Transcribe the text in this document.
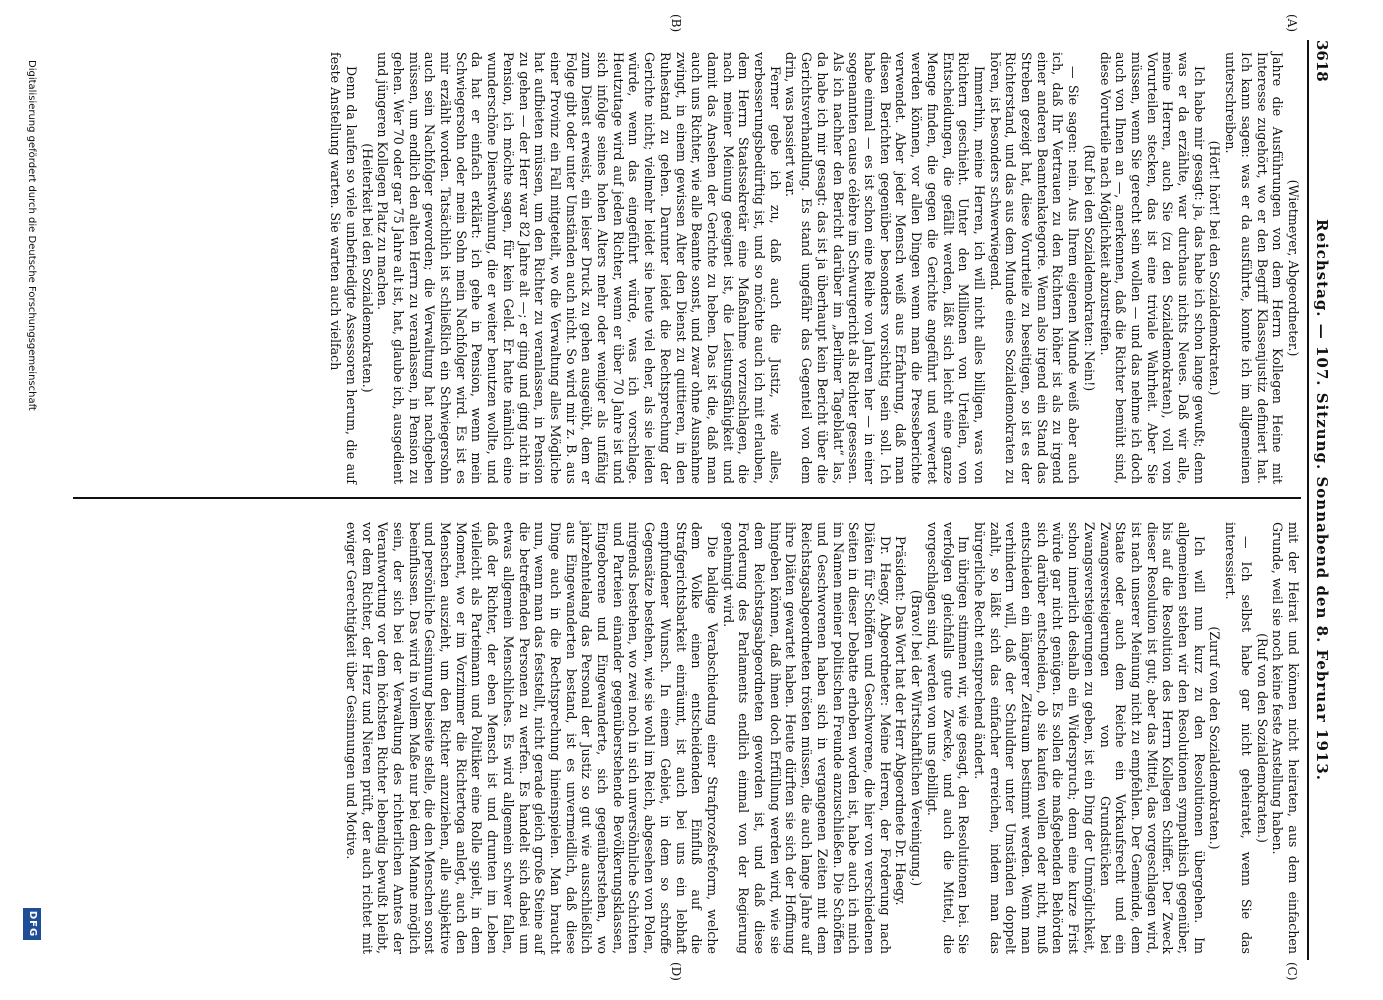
3618
Reichstag. — 107. Sitzung. Sonnabend den 8. Februar 1913.
(A)
(B)
(C)
(D)

(Wietmeyer, Abgeordneter.)

Jahre die Ausführungen von dem Herrn Kollegen Heine mit Interesse zugehört, wo er den Begriff Klassenjustiz definiert hat. Ich kann sagen: was er da ausführte, konnte ich im allgemeinen unterschreiben.

(Hört! hört! bei den Sozialdemokraten.)

Ich habe mir gesagt: ja, das habe ich schon lange gewußt; denn was er da erzählte, war durchaus nichts Neues. Daß wir alle, meine Herren, auch Sie (zu den Sozialdemokraten), voll von Vorurteilen stecken, das ist eine triviale Wahrheit. Aber Sie müssen, wenn Sie gerecht sein wollen — und das nehme ich doch auch von Ihnen an —, anerkennen, daß die Richter bemüht sind, diese Vorurteile nach Möglichkeit abzustreifen.

(Ruf bei den Sozialdemokraten: Nein!)

— Sie sagen: nein. Aus Ihrem eigenen Munde weiß aber auch ich, daß Ihr Vertrauen zu den Richtern höher ist als zu irgend einer anderen Beamtenkategorie. Wenn also irgend ein Stand das Streben gezeigt hat, diese Vorurteile zu beseitigen, so ist es der Richterstand, und das aus dem Munde eines Sozialdemokraten zu hören, ist besonders schwerwiegend.

Immerhin, meine Herren, ich will nicht alles billigen, was von Richtern geschieht. Unter den Millionen von Urteilen, von Entscheidungen, die gefällt werden, läßt sich leicht eine ganze Menge finden, die gegen die Gerichte angeführt und verwertet werden können, vor allen Dingen wenn man die Presseberichte verwendet. Aber jeder Mensch weiß aus Erfahrung, daß man diesen Berichten gegenüber besonders vorsichtig sein soll. Ich habe einmal — es ist schon eine Reihe von Jahren her — in einer sogenannten cause célèbre im Schwurgericht als Richter gesessen. Als ich nachher den Bericht darüber im „Berliner Tageblatt“ las, da habe ich mir gesagt: das ist ja überhaupt kein Bericht über die Gerichtsverhandlung. Es stand ungefähr das Gegenteil von dem drin, was passiert war.

Ferner gebe ich zu, daß auch die Justiz, wie alles, verbesserungsbedürftig ist, und so möchte auch ich mit erlauben, dem Herrn Staatssekretär eine Maßnahme vorzuschlagen, die nach meiner Meinung geeignet ist, die Leistungsfähigkeit und damit das Ansehen der Gerichte zu heben. Das ist die, daß man auch uns Richter, wie alle Beamte sonst, und zwar ohne Ausnahme zwingt, in einem gewissen Alter den Dienst zu quittieren, in den Ruhestand zu gehen. Darunter leidet die Rechtsprechung der Gerichte nicht; vielmehr leidet sie heute viel eher, als sie leiden würde, wenn das eingeführt würde, was ich vorschlage. Heutzutage wird auf jeden Richter, wenn er über 70 Jahre ist und sich infolge seines hohen Alters mehr oder weniger als unfähig zum Dienst erweist, ein leiser Druck zu gehen ausgeübt, dem er Folge gibt oder unter Umständen auch nicht. So wird mir z. B. aus einer Provinz ein Fall mitgeteilt, wo die Verwaltung alles Mögliche hat aufbieten müssen, um den Richter zu veranlassen, in Pension zu gehen — der Herr war 82 Jahre alt —; er ging und ging nicht in Pension, ich möchte sagen, für kein Geld. Er hatte nämlich eine wunderschöne Dienstwohnung, die er weiter benutzen wollte, und da hat er einfach erklärt: ich gehe in Pension, wenn mein Schwiegersohn oder mein Sohn mein Nachfolger wird. Es ist es mir erzählt worden. Tatsächlich ist schließlich ein Schwiegersohn auch sein Nachfolger geworden; die Verwaltung hat nachgeben müssen, um endlich den alten Herrn zu veranlassen, in Pension zu gehen. Wer 70 oder gar 75 Jahre alt ist, hat, glaube ich, ausgedient und jüngeren Kollegen Platz zu machen.

(Heiterkeit bei den Sozialdemokraten.)

Denn da laufen so viele unbefriedigte Assessoren herum, die auf feste Anstellung warten. Sie warten auch vielfach

mit der Heirat und können nicht heiraten, aus dem einfachen Grunde, weil sie noch keine feste Anstellung haben.

(Ruf von den Sozialdemokraten.)

— Ich selbst habe gar nicht geheiratet, wenn Sie das interessiert.

(Zuruf von den Sozialdemokraten.)

Ich will nun kurz zu den Resolutionen übergehen. Im allgemeinen stehen wir den Resolutionen sympathisch gegenüber, bis auf die Resolution des Herrn Kollegen Schiffer. Der Zweck dieser Resolution ist gut; aber das Mittel, das vorgeschlagen wird, ist nach unserer Meinung nicht zu empfehlen. Der Gemeinde, dem Staate oder auch dem Reiche ein Vorkaufsrecht und ein Zwangsversteigerungen von Grundstücken bei Zwangsversteigerungen zu geben, ist ein Ding der Unmöglichkeit, schon innerlich deshalb ein Widerspruch; denn eine kurze Frist würde gar nicht genügen. Es sollen die maßgebenden Behörden sich darüber entscheiden, ob sie kaufen wollen oder nicht, muß entschieden ein längerer Zeitraum bestimmt werden. Wenn man verhindern will, daß der Schuldner unter Umständen doppelt zahlt, so läßt sich das einfacher erreichen, indem man das bürgerliche Recht entsprechend ändert.

Im übrigen stimmen wir, wie gesagt, den Resolutionen bei. Sie verfolgen gleichfalls gute Zwecke, und auch die Mittel, die vorgeschlagen sind, werden von uns gebilligt.

(Bravo! bei der Wirtschaftlichen Vereinigung.)

Präsident: Das Wort hat der Herr Abgeordnete Dr. Haegy.

Dr. Haegy, Abgeordneter: Meine Herren, der Forderung nach Diäten für Schöffen und Geschworene, die hier von verschiedenen Seiten in dieser Debatte erhoben worden ist, habe auch ich mich im Namen meiner politischen Freunde anzuschließen. Die Schöffen und Geschworenen haben sich in vergangenen Zeiten mit dem Reichstagsabgeordneten trösten müssen, die auch lange Jahre auf ihre Diäten gewartet haben. Heute dürften sie sich der Hoffnung hingeben können, daß ihnen doch Erfüllung werden wird, wie sie dem Reichstagsabgeordneten geworden ist, und daß diese Forderung des Parlaments endlich einmal von der Regierung genehmigt wird.

Die baldige Verabschiedung einer Strafprozeßreform, welche dem Volke einen entscheidenden Einfluß auf die Strafgerichtsbarkeit einräumt, ist auch bei uns ein lebhaft empfundener Wunsch. In einem Gebiet, in dem so schroffe Gegensätze bestehen, wie sie wohl im Reich, abgesehen von Polen, nirgends bestehen, wo zwei noch in sich unversöhnliche Schichten und Parteien einander gegenüberstehende Bevölkerungsklassen, Eingeborene und Eingewanderte, sich gegenüberstehen, wo jahrzehntelang das Personal der Justiz so gut wie ausschließlich aus Eingewanderten bestand, ist es unvermeidlich, daß diese Dinge auch in die Rechtsprechung hineinspielen. Man braucht nun, wenn man das feststellt, nicht gerade gleich große Steine auf die betreffenden Personen zu werfen. Es handelt sich dabei um etwas allgemein Menschliches. Es wird allgemein schwer fallen, daß der Richter, der eben Mensch ist und drunten im Leben vielleicht als Parteimann und Politiker eine Rolle spielt, in dem Moment, wo er im Vorzimmer die Richtertoga anlegt, auch den Menschen auszieht, um den Richter anzuziehen, alle subjektive und persönliche Gesinnung beiseite stelle, die den Menschen sonst beeinflussen. Das wird in vollem Maße nur bei dem Manne möglich sein, der sich bei der Verwaltung des richterlichen Amtes der Verantwortung vor dem höchsten Richter lebendig bewußt bleibt, vor dem Richter, der Herz und Nieren prüft, der auch richtet mit ewiger Gerechtigkeit über Gesinnungen und Motive.

Digitalisierung gefördert durch die Deutsche Forschungsgemeinschaft
DFG
